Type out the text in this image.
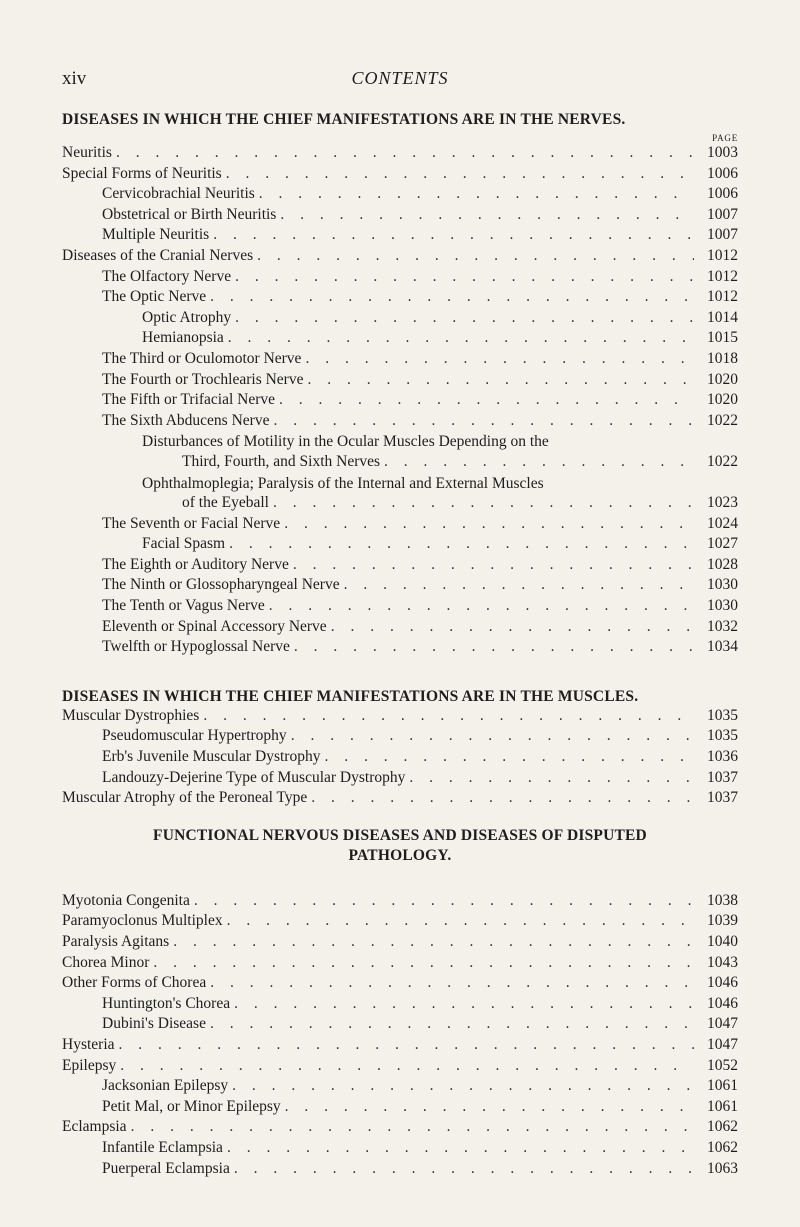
xiv	CONTENTS
DISEASES IN WHICH THE CHIEF MANIFESTATIONS ARE IN THE NERVES.
PAGE
Neuritis . . .	1003
Special Forms of Neuritis . . .	1006
Cervicobrachial Neuritis . . .	1006
Obstetrical or Birth Neuritis . . .	1007
Multiple Neuritis . . .	1007
Diseases of the Cranial Nerves . . .	1012
The Olfactory Nerve . . .	1012
The Optic Nerve . . .	1012
Optic Atrophy . . .	1014
Hemianopsia . . .	1015
The Third or Oculomotor Nerve . . .	1018
The Fourth or Trochlearis Nerve . . .	1020
The Fifth or Trifacial Nerve . . .	1020
The Sixth Abducens Nerve . . .	1022
Disturbances of Motility in the Ocular Muscles Depending on the
Third, Fourth, and Sixth Nerves . . .	1022
Ophthalmoplegia; Paralysis of the Internal and External Muscles
of the Eyeball . . .	1023
The Seventh or Facial Nerve . . .	1024
Facial Spasm . . .	1027
The Eighth or Auditory Nerve . . .	1028
The Ninth or Glossopharyngeal Nerve . . .	1030
The Tenth or Vagus Nerve . . .	1030
Eleventh or Spinal Accessory Nerve . . .	1032
Twelfth or Hypoglossal Nerve . . .	1034
DISEASES IN WHICH THE CHIEF MANIFESTATIONS ARE IN THE MUSCLES.
Muscular Dystrophies . . .	1035
Pseudomuscular Hypertrophy . . .	1035
Erb's Juvenile Muscular Dystrophy . . .	1036
Landouzy-Dejerine Type of Muscular Dystrophy . . .	1037
Muscular Atrophy of the Peroneal Type . . .	1037
FUNCTIONAL NERVOUS DISEASES AND DISEASES OF DISPUTED
PATHOLOGY.
Myotonia Congenita . . .	1038
Paramyoclonus Multiplex . . .	1039
Paralysis Agitans . . .	1040
Chorea Minor . . .	1043
Other Forms of Chorea . . .	1046
Huntington's Chorea . . .	1046
Dubini's Disease . . .	1047
Hysteria . . .	1047
Epilepsy . . .	1052
Jacksonian Epilepsy . . .	1061
Petit Mal, or Minor Epilepsy . . .	1061
Eclampsia . . .	1062
Infantile Eclampsia . . .	1062
Puerperal Eclampsia . . .	1063
